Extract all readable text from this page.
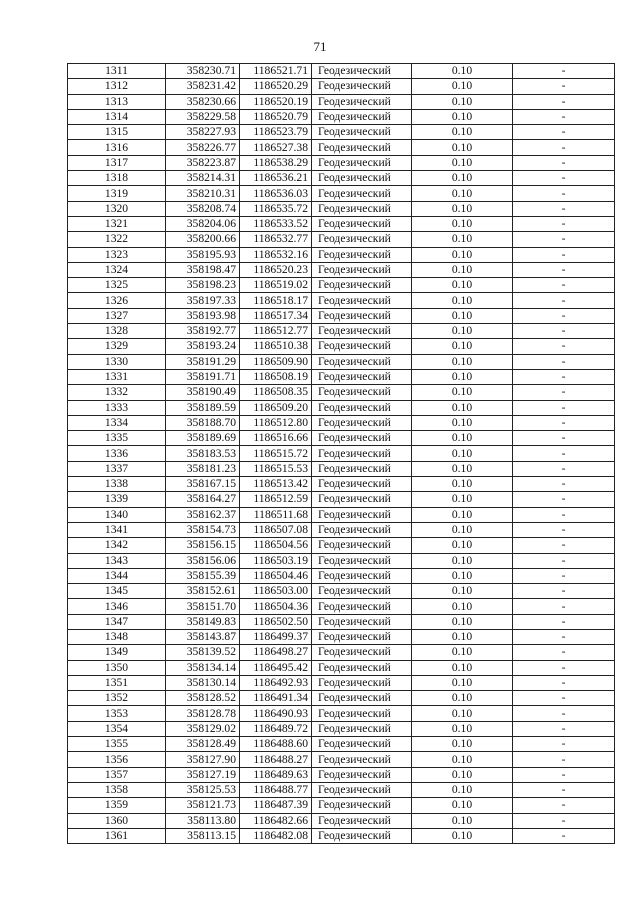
71
1311	358230.71	1186521.71	Геодезический	0.10	-
1312	358231.42	1186520.29	Геодезический	0.10	-
1313	358230.66	1186520.19	Геодезический	0.10	-
1314	358229.58	1186520.79	Геодезический	0.10	-
1315	358227.93	1186523.79	Геодезический	0.10	-
1316	358226.77	1186527.38	Геодезический	0.10	-
1317	358223.87	1186538.29	Геодезический	0.10	-
1318	358214.31	1186536.21	Геодезический	0.10	-
1319	358210.31	1186536.03	Геодезический	0.10	-
1320	358208.74	1186535.72	Геодезический	0.10	-
1321	358204.06	1186533.52	Геодезический	0.10	-
1322	358200.66	1186532.77	Геодезический	0.10	-
1323	358195.93	1186532.16	Геодезический	0.10	-
1324	358198.47	1186520.23	Геодезический	0.10	-
1325	358198.23	1186519.02	Геодезический	0.10	-
1326	358197.33	1186518.17	Геодезический	0.10	-
1327	358193.98	1186517.34	Геодезический	0.10	-
1328	358192.77	1186512.77	Геодезический	0.10	-
1329	358193.24	1186510.38	Геодезический	0.10	-
1330	358191.29	1186509.90	Геодезический	0.10	-
1331	358191.71	1186508.19	Геодезический	0.10	-
1332	358190.49	1186508.35	Геодезический	0.10	-
1333	358189.59	1186509.20	Геодезический	0.10	-
1334	358188.70	1186512.80	Геодезический	0.10	-
1335	358189.69	1186516.66	Геодезический	0.10	-
1336	358183.53	1186515.72	Геодезический	0.10	-
1337	358181.23	1186515.53	Геодезический	0.10	-
1338	358167.15	1186513.42	Геодезический	0.10	-
1339	358164.27	1186512.59	Геодезический	0.10	-
1340	358162.37	1186511.68	Геодезический	0.10	-
1341	358154.73	1186507.08	Геодезический	0.10	-
1342	358156.15	1186504.56	Геодезический	0.10	-
1343	358156.06	1186503.19	Геодезический	0.10	-
1344	358155.39	1186504.46	Геодезический	0.10	-
1345	358152.61	1186503.00	Геодезический	0.10	-
1346	358151.70	1186504.36	Геодезический	0.10	-
1347	358149.83	1186502.50	Геодезический	0.10	-
1348	358143.87	1186499.37	Геодезический	0.10	-
1349	358139.52	1186498.27	Геодезический	0.10	-
1350	358134.14	1186495.42	Геодезический	0.10	-
1351	358130.14	1186492.93	Геодезический	0.10	-
1352	358128.52	1186491.34	Геодезический	0.10	-
1353	358128.78	1186490.93	Геодезический	0.10	-
1354	358129.02	1186489.72	Геодезический	0.10	-
1355	358128.49	1186488.60	Геодезический	0.10	-
1356	358127.90	1186488.27	Геодезический	0.10	-
1357	358127.19	1186489.63	Геодезический	0.10	-
1358	358125.53	1186488.77	Геодезический	0.10	-
1359	358121.73	1186487.39	Геодезический	0.10	-
1360	358113.80	1186482.66	Геодезический	0.10	-
1361	358113.15	1186482.08	Геодезический	0.10	-
